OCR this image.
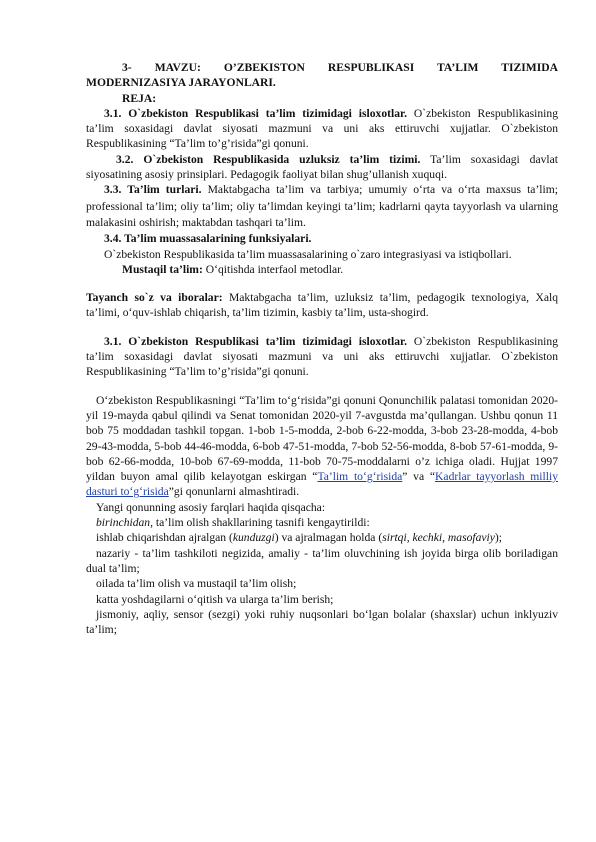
3- MAVZU: O’ZBEKISTON RESPUBLIKASI TA’LIM TIZIMIDA MODERNIZASIYA JARAYONLARI.

REJA:

3.1. O`zbekiston Respublikasi ta’lim tizimidagi isloxotlar. O`zbekiston Respublikasining ta’lim soxasidagi davlat siyosati mazmuni va uni aks ettiruvchi xujjatlar. O`zbekiston Respublikasining “Ta’lim to’g’risida”gi qonuni.

3.2. O`zbekiston Respublikasida uzluksiz ta’lim tizimi. Ta’lim soxasidagi davlat siyosatining asosiy prinsiplari. Pedagogik faoliyat bilan shug’ullanish xuquqi.

3.3. Ta’lim turlari. Maktabgacha ta’lim va tarbiya; umumiy o‘rta va o‘rta maxsus ta’lim; professional ta’lim; oliy ta’lim; oliy ta’limdan keyingi ta’lim; kadrlarni qayta tayyorlash va ularning malakasini oshirish; maktabdan tashqari ta’lim.

3.4. Ta’lim muassasalarining funksiyalari.

O`zbekiston Respublikasida ta’lim muassasalarining o`zaro integrasiyasi va istiqbollari.

Mustaqil ta’lim: O‘qitishda interfaol metodlar.

Tayanch so`z va iboralar: Maktabgacha ta’lim, uzluksiz ta’lim, pedagogik texnologiya, Xalq ta’limi, o‘quv-ishlab chiqarish, ta’lim tizimin, kasbiy ta’lim, usta-shogird.

3.1. O`zbekiston Respublikasi ta’lim tizimidagi isloxotlar. O`zbekiston Respublikasining ta’lim soxasidagi davlat siyosati mazmuni va uni aks ettiruvchi xujjatlar. O`zbekiston Respublikasining “Ta’lim to’g’risida”gi qonuni.

O‘zbekiston Respublikasningi “Ta’lim to‘g‘risida”gi qonuni Qonunchilik palatasi tomonidan 2020-yil 19-mayda qabul qilindi va Senat tomonidan 2020-yil 7-avgustda ma’qullangan. Ushbu qonun 11 bob 75 moddadan tashkil topgan. 1-bob 1-5-modda, 2-bob 6-22-modda, 3-bob 23-28-modda, 4-bob 29-43-modda, 5-bob 44-46-modda, 6-bob 47-51-modda, 7-bob 52-56-modda, 8-bob 57-61-modda, 9-bob 62-66-modda, 10-bob 67-69-modda, 11-bob 70-75-moddalarni o’z ichiga oladi. Hujjat 1997 yildan buyon amal qilib kelayotgan eskirgan “Ta’lim to‘g‘risida” va “Kadrlar tayyorlash milliy dasturi to‘g‘risida”gi qonunlarni almashtiradi.

Yangi qonunning asosiy farqlari haqida qisqacha:

birinchidan, ta’lim olish shakllarining tasnifi kengaytirildi:

ishlab chiqarishdan ajralgan (kunduzgi) va ajralmagan holda (sirtqi, kechki, masofaviy);

nazariy - ta’lim tashkiloti negizida, amaliy - ta’lim oluvchining ish joyida birga olib boriladigan dual ta’lim;

oilada ta’lim olish va mustaqil ta’lim olish;

katta yoshdagilarni o‘qitish va ularga ta’lim berish;

jismoniy, aqliy, sensor (sezgi) yoki ruhiy nuqsonlari bo‘lgan bolalar (shaxslar) uchun inklyuziv ta’lim;
